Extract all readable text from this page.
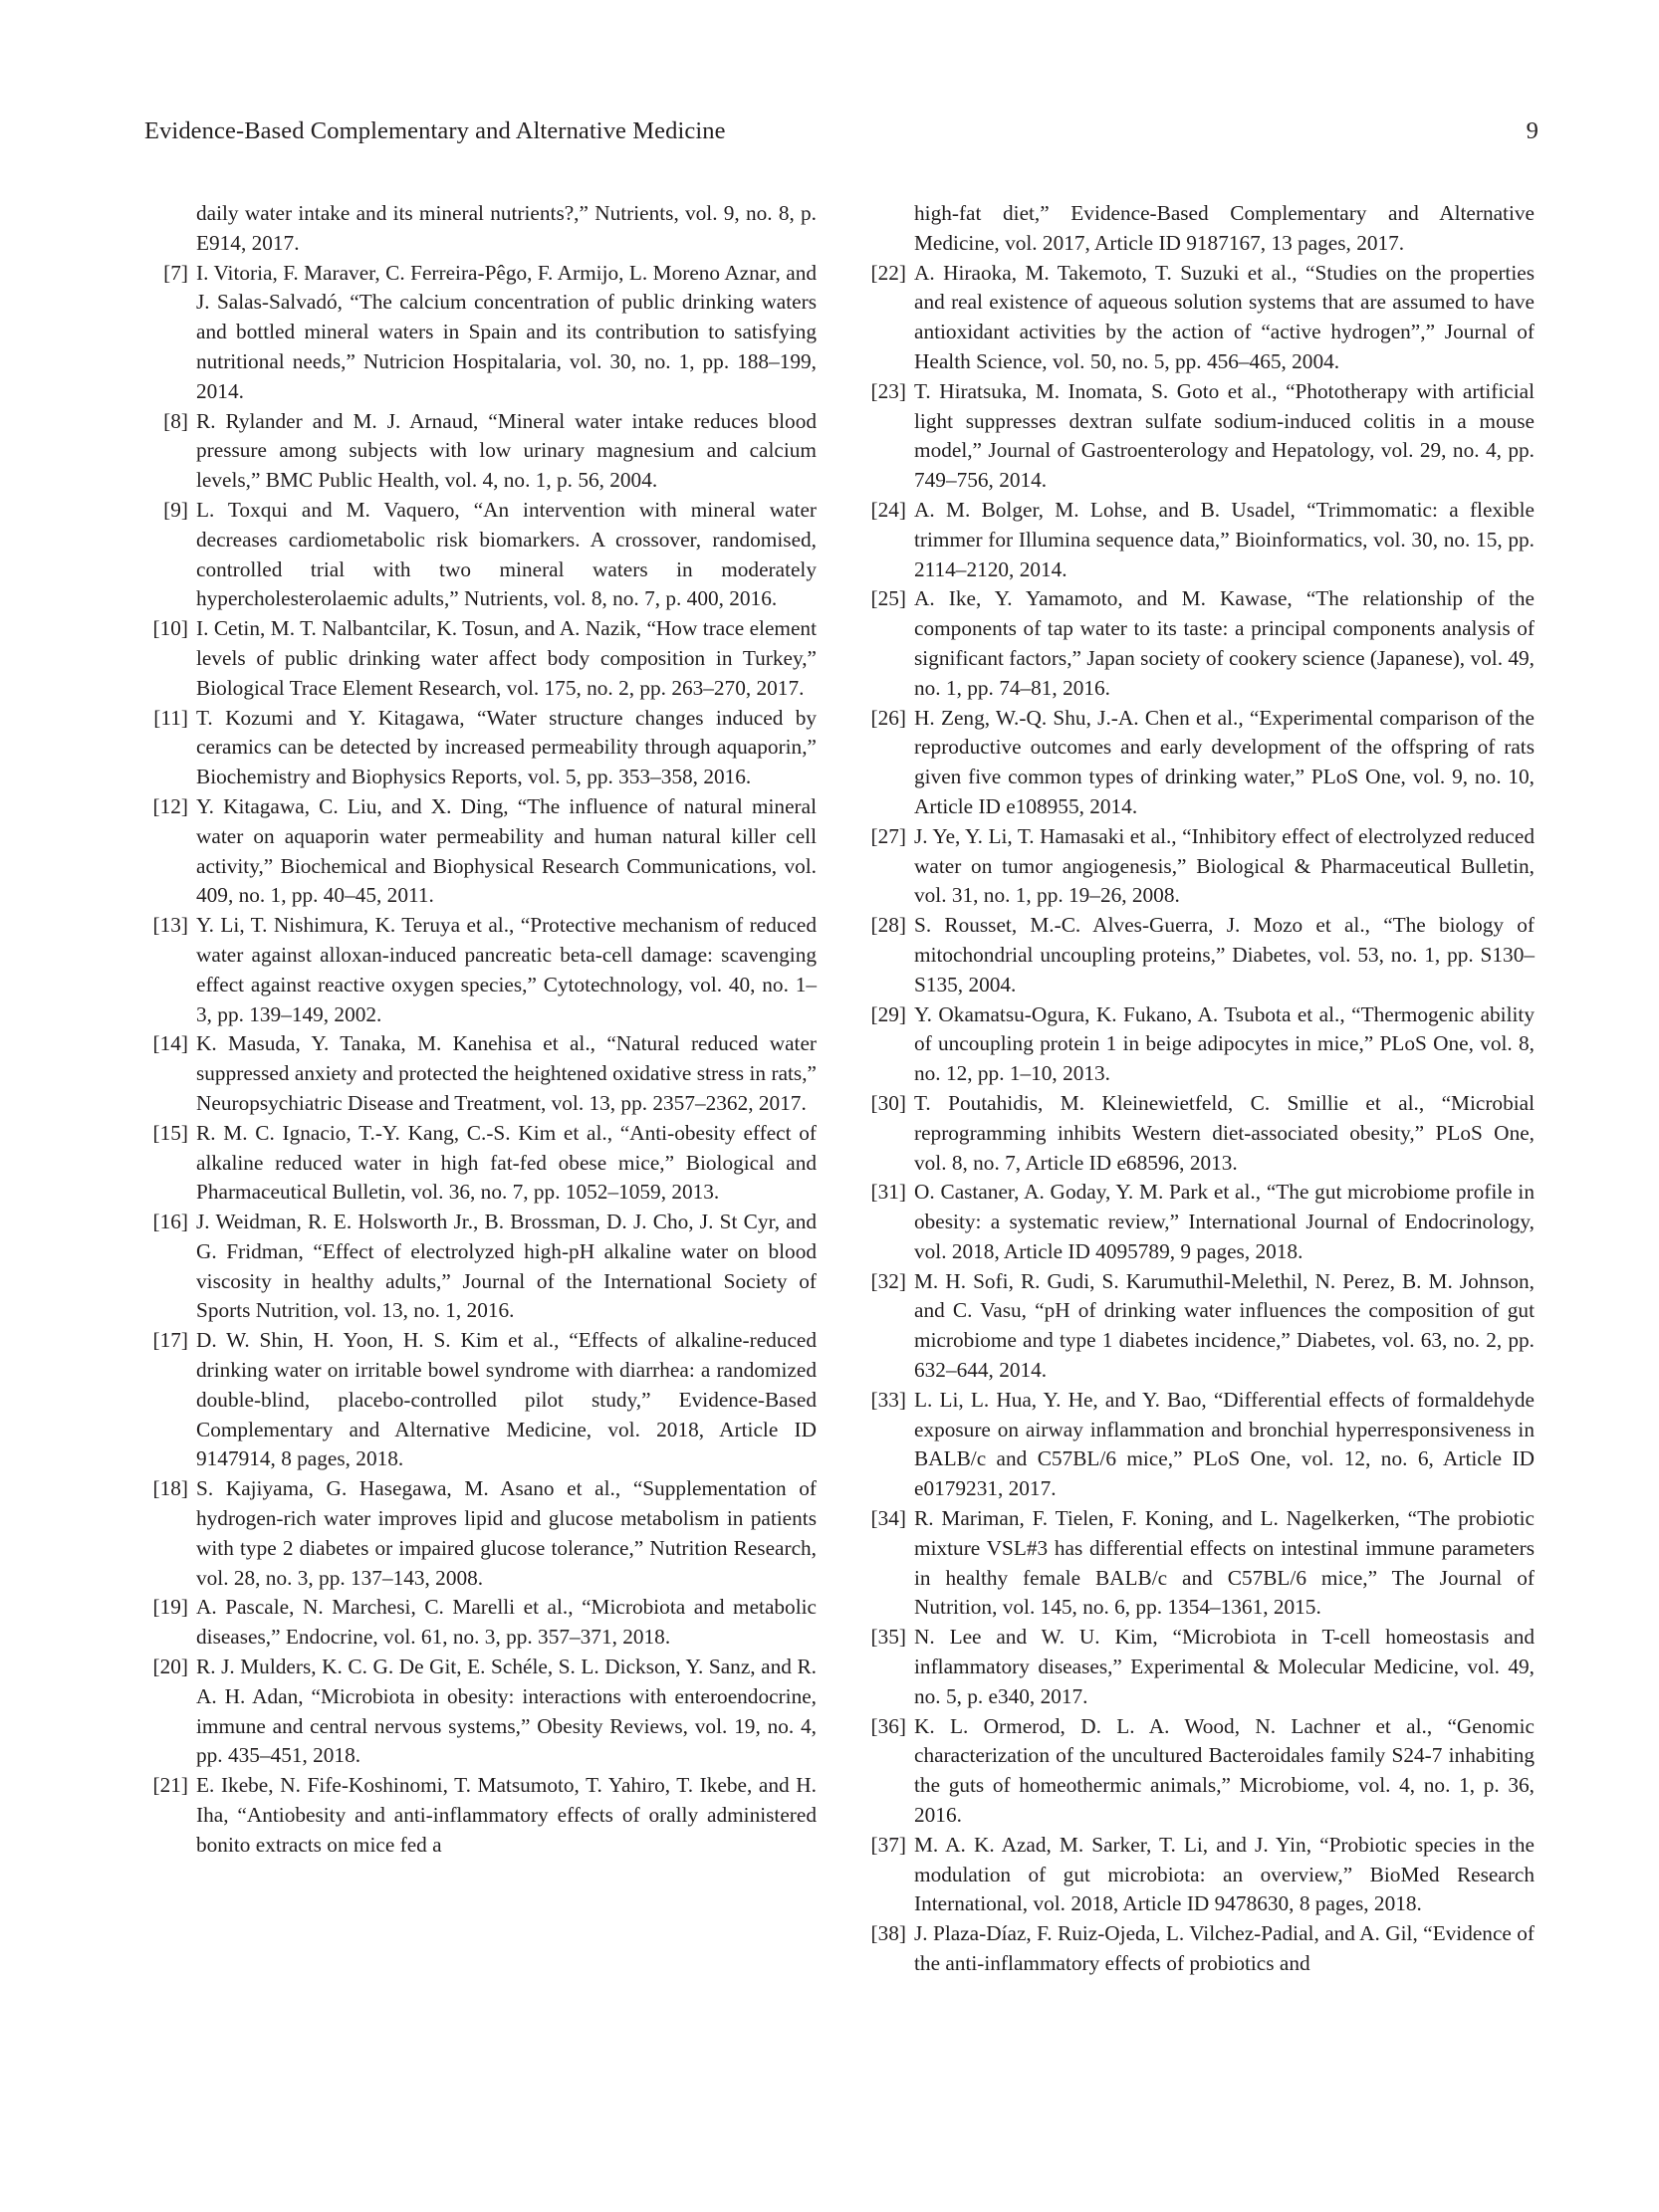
Evidence-Based Complementary and Alternative Medicine	9
daily water intake and its mineral nutrients?,” Nutrients, vol. 9, no. 8, p. E914, 2017.
[7] I. Vitoria, F. Maraver, C. Ferreira-Pêgo, F. Armijo, L. Moreno Aznar, and J. Salas-Salvadó, “The calcium concentration of public drinking waters and bottled mineral waters in Spain and its contribution to satisfying nutritional needs,” Nutricion Hospitalaria, vol. 30, no. 1, pp. 188–199, 2014.
[8] R. Rylander and M. J. Arnaud, “Mineral water intake reduces blood pressure among subjects with low urinary magnesium and calcium levels,” BMC Public Health, vol. 4, no. 1, p. 56, 2004.
[9] L. Toxqui and M. Vaquero, “An intervention with mineral water decreases cardiometabolic risk biomarkers. A crossover, randomised, controlled trial with two mineral waters in moderately hypercholesterolaemic adults,” Nutrients, vol. 8, no. 7, p. 400, 2016.
[10] I. Cetin, M. T. Nalbantcilar, K. Tosun, and A. Nazik, “How trace element levels of public drinking water affect body composition in Turkey,” Biological Trace Element Research, vol. 175, no. 2, pp. 263–270, 2017.
[11] T. Kozumi and Y. Kitagawa, “Water structure changes induced by ceramics can be detected by increased permeability through aquaporin,” Biochemistry and Biophysics Reports, vol. 5, pp. 353–358, 2016.
[12] Y. Kitagawa, C. Liu, and X. Ding, “The influence of natural mineral water on aquaporin water permeability and human natural killer cell activity,” Biochemical and Biophysical Research Communications, vol. 409, no. 1, pp. 40–45, 2011.
[13] Y. Li, T. Nishimura, K. Teruya et al., “Protective mechanism of reduced water against alloxan-induced pancreatic beta-cell damage: scavenging effect against reactive oxygen species,” Cytotechnology, vol. 40, no. 1–3, pp. 139–149, 2002.
[14] K. Masuda, Y. Tanaka, M. Kanehisa et al., “Natural reduced water suppressed anxiety and protected the heightened oxidative stress in rats,” Neuropsychiatric Disease and Treatment, vol. 13, pp. 2357–2362, 2017.
[15] R. M. C. Ignacio, T.-Y. Kang, C.-S. Kim et al., “Anti-obesity effect of alkaline reduced water in high fat-fed obese mice,” Biological and Pharmaceutical Bulletin, vol. 36, no. 7, pp. 1052–1059, 2013.
[16] J. Weidman, R. E. Holsworth Jr., B. Brossman, D. J. Cho, J. St Cyr, and G. Fridman, “Effect of electrolyzed high-pH alkaline water on blood viscosity in healthy adults,” Journal of the International Society of Sports Nutrition, vol. 13, no. 1, 2016.
[17] D. W. Shin, H. Yoon, H. S. Kim et al., “Effects of alkaline-reduced drinking water on irritable bowel syndrome with diarrhea: a randomized double-blind, placebo-controlled pilot study,” Evidence-Based Complementary and Alternative Medicine, vol. 2018, Article ID 9147914, 8 pages, 2018.
[18] S. Kajiyama, G. Hasegawa, M. Asano et al., “Supplementation of hydrogen-rich water improves lipid and glucose metabolism in patients with type 2 diabetes or impaired glucose tolerance,” Nutrition Research, vol. 28, no. 3, pp. 137–143, 2008.
[19] A. Pascale, N. Marchesi, C. Marelli et al., “Microbiota and metabolic diseases,” Endocrine, vol. 61, no. 3, pp. 357–371, 2018.
[20] R. J. Mulders, K. C. G. De Git, E. Schéle, S. L. Dickson, Y. Sanz, and R. A. H. Adan, “Microbiota in obesity: interactions with enteroendocrine, immune and central nervous systems,” Obesity Reviews, vol. 19, no. 4, pp. 435–451, 2018.
[21] E. Ikebe, N. Fife-Koshinomi, T. Matsumoto, T. Yahiro, T. Ikebe, and H. Iha, “Antiobesity and anti-inflammatory effects of orally administered bonito extracts on mice fed a
high-fat diet,” Evidence-Based Complementary and Alternative Medicine, vol. 2017, Article ID 9187167, 13 pages, 2017.
[22] A. Hiraoka, M. Takemoto, T. Suzuki et al., “Studies on the properties and real existence of aqueous solution systems that are assumed to have antioxidant activities by the action of “active hydrogen”,” Journal of Health Science, vol. 50, no. 5, pp. 456–465, 2004.
[23] T. Hiratsuka, M. Inomata, S. Goto et al., “Phototherapy with artificial light suppresses dextran sulfate sodium-induced colitis in a mouse model,” Journal of Gastroenterology and Hepatology, vol. 29, no. 4, pp. 749–756, 2014.
[24] A. M. Bolger, M. Lohse, and B. Usadel, “Trimmomatic: a flexible trimmer for Illumina sequence data,” Bioinformatics, vol. 30, no. 15, pp. 2114–2120, 2014.
[25] A. Ike, Y. Yamamoto, and M. Kawase, “The relationship of the components of tap water to its taste: a principal components analysis of significant factors,” Japan society of cookery science (Japanese), vol. 49, no. 1, pp. 74–81, 2016.
[26] H. Zeng, W.-Q. Shu, J.-A. Chen et al., “Experimental comparison of the reproductive outcomes and early development of the offspring of rats given five common types of drinking water,” PLoS One, vol. 9, no. 10, Article ID e108955, 2014.
[27] J. Ye, Y. Li, T. Hamasaki et al., “Inhibitory effect of electrolyzed reduced water on tumor angiogenesis,” Biological & Pharmaceutical Bulletin, vol. 31, no. 1, pp. 19–26, 2008.
[28] S. Rousset, M.-C. Alves-Guerra, J. Mozo et al., “The biology of mitochondrial uncoupling proteins,” Diabetes, vol. 53, no. 1, pp. S130–S135, 2004.
[29] Y. Okamatsu-Ogura, K. Fukano, A. Tsubota et al., “Thermogenic ability of uncoupling protein 1 in beige adipocytes in mice,” PLoS One, vol. 8, no. 12, pp. 1–10, 2013.
[30] T. Poutahidis, M. Kleinewietfeld, C. Smillie et al., “Microbial reprogramming inhibits Western diet-associated obesity,” PLoS One, vol. 8, no. 7, Article ID e68596, 2013.
[31] O. Castaner, A. Goday, Y. M. Park et al., “The gut microbiome profile in obesity: a systematic review,” International Journal of Endocrinology, vol. 2018, Article ID 4095789, 9 pages, 2018.
[32] M. H. Sofi, R. Gudi, S. Karumuthil-Melethil, N. Perez, B. M. Johnson, and C. Vasu, “pH of drinking water influences the composition of gut microbiome and type 1 diabetes incidence,” Diabetes, vol. 63, no. 2, pp. 632–644, 2014.
[33] L. Li, L. Hua, Y. He, and Y. Bao, “Differential effects of formaldehyde exposure on airway inflammation and bronchial hyperresponsiveness in BALB/c and C57BL/6 mice,” PLoS One, vol. 12, no. 6, Article ID e0179231, 2017.
[34] R. Mariman, F. Tielen, F. Koning, and L. Nagelkerken, “The probiotic mixture VSL#3 has differential effects on intestinal immune parameters in healthy female BALB/c and C57BL/6 mice,” The Journal of Nutrition, vol. 145, no. 6, pp. 1354–1361, 2015.
[35] N. Lee and W. U. Kim, “Microbiota in T-cell homeostasis and inflammatory diseases,” Experimental & Molecular Medicine, vol. 49, no. 5, p. e340, 2017.
[36] K. L. Ormerod, D. L. A. Wood, N. Lachner et al., “Genomic characterization of the uncultured Bacteroidales family S24-7 inhabiting the guts of homeothermic animals,” Microbiome, vol. 4, no. 1, p. 36, 2016.
[37] M. A. K. Azad, M. Sarker, T. Li, and J. Yin, “Probiotic species in the modulation of gut microbiota: an overview,” BioMed Research International, vol. 2018, Article ID 9478630, 8 pages, 2018.
[38] J. Plaza-Díaz, F. Ruiz-Ojeda, L. Vilchez-Padial, and A. Gil, “Evidence of the anti-inflammatory effects of probiotics and
